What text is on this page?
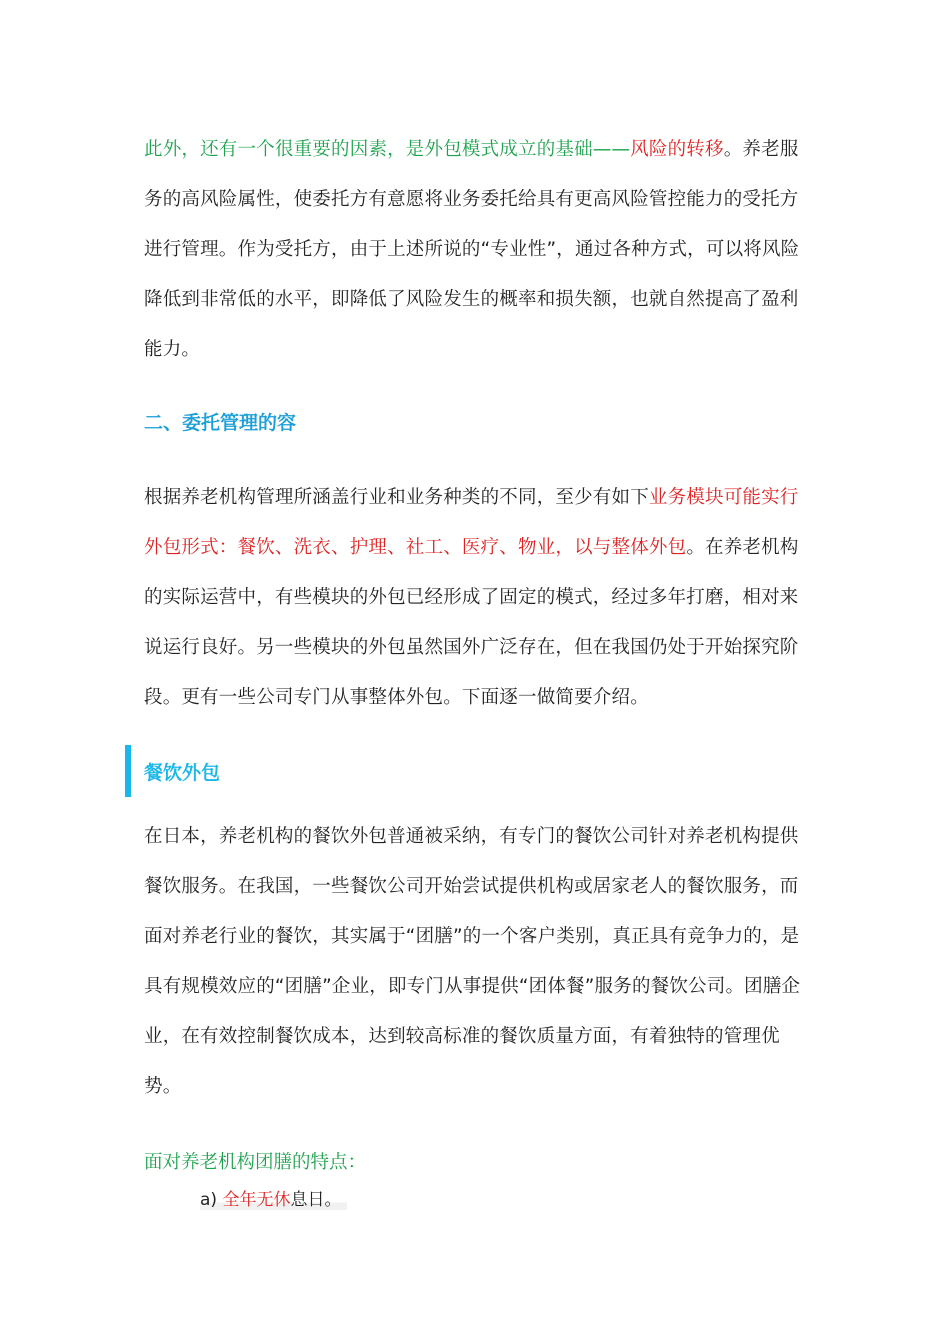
此外，还有一个很重要的因素，是外包模式成立的基础——风险的转移。养老服务的高风险属性，使委托方有意愿将业务委托给具有更高风险管控能力的受托方进行管理。作为受托方，由于上述所说的“专业性”，通过各种方式，可以将风险降低到非常低的水平，即降低了风险发生的概率和损失额，也就自然提高了盈利能力。

二、委托管理的容

根据养老机构管理所涵盖行业和业务种类的不同，至少有如下业务模块可能实行外包形式：餐饮、洗衣、护理、社工、医疗、物业，以与整体外包。在养老机构的实际运营中，有些模块的外包已经形成了固定的模式，经过多年打磨，相对来说运行良好。另一些模块的外包虽然国外广泛存在，但在我国仍处于开始探究阶段。更有一些公司专门从事整体外包。下面逐一做简要介绍。

餐饮外包

在日本，养老机构的餐饮外包普通被采纳，有专门的餐饮公司针对养老机构提供餐饮服务。在我国，一些餐饮公司开始尝试提供机构或居家老人的餐饮服务，而面对养老行业的餐饮，其实属于“团膳”的一个客户类别，真正具有竞争力的，是具有规模效应的“团膳”企业，即专门从事提供“团体餐”服务的餐饮公司。团膳企业，在有效控制餐饮成本，达到较高标准的餐饮质量方面，有着独特的管理优势。

面对养老机构团膳的特点：

a) 全年无休息日。
